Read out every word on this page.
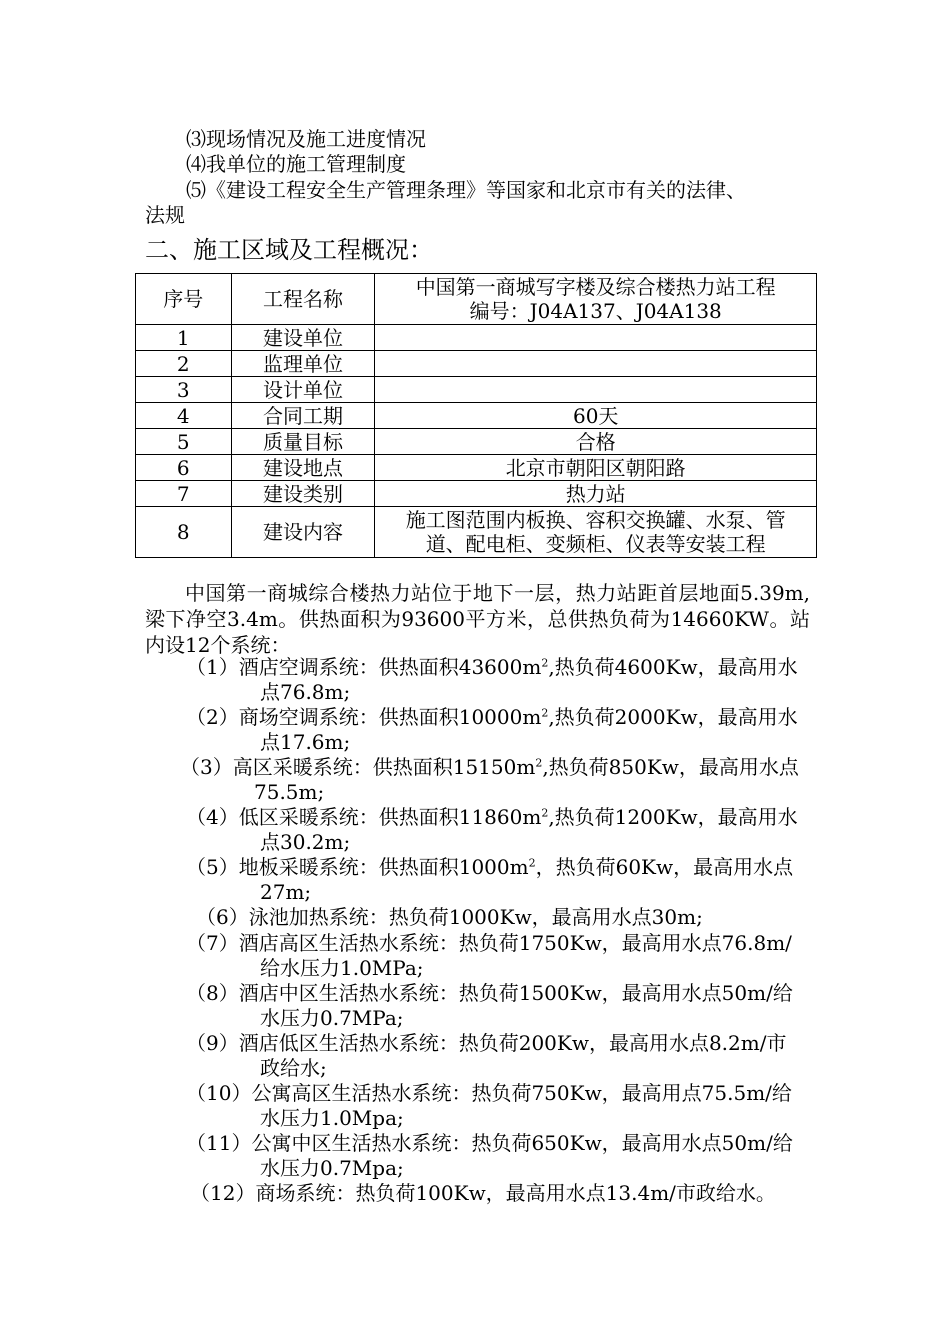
⑶现场情况及施工进度情况
⑷我单位的施工管理制度
⑸《建设工程安全生产管理条理》等国家和北京市有关的法律、
法规
二、施工区域及工程概况：
序号	工程名称	中国第一商城写字楼及综合楼热力站工程
编号：J04A137、J04A138

1	建设单位	
2	监理单位	
3	设计单位	
4	合同工期	60天
5	质量目标	合格
6	建设地点	北京市朝阳区朝阳路
7	建设类别	热力站
8	建设内容	施工图范围内板换、容积交换罐、水泵、管
道、配电柜、变频柜、仪表等安装工程
中国第一商城综合楼热力站位于地下一层，热力站距首层地面5.39m,梁下净空3.4m。供热面积为93600平方米，总供热负荷为14660KW。站内设12个系统：
（1）酒店空调系统：供热面积$43600m^2$,热负荷4600Kw，最高用水
点76.8m;
（2）商场空调系统：供热面积$10000m^2$,热负荷2000Kw，最高用水
点17.6m;
（3）高区采暖系统：供热面积$15150m^2$,热负荷850Kw，最高用水点
75.5m;
（4）低区采暖系统：供热面积$11860m^2$,热负荷1200Kw，最高用水
点30.2m;
（5）地板采暖系统：供热面积$1000m^2$，热负荷60Kw，最高用水点
27m;
（6）泳池加热系统：热负荷1000Kw，最高用水点30m;
（7）酒店高区生活热水系统：热负荷1750Kw，最高用水点76.8m/
给水压力1.0MPa;
（8）酒店中区生活热水系统：热负荷1500Kw，最高用水点50m/给
水压力0.7MPa;
（9）酒店低区生活热水系统：热负荷200Kw，最高用水点8.2m/市
政给水;
（10）公寓高区生活热水系统：热负荷750Kw，最高用点75.5m/给
水压力1.0Mpa;
（11）公寓中区生活热水系统：热负荷650Kw，最高用水点50m/给
水压力0.7Mpa;
（12）商场系统：热负荷100Kw，最高用水点13.4m/市政给水。
